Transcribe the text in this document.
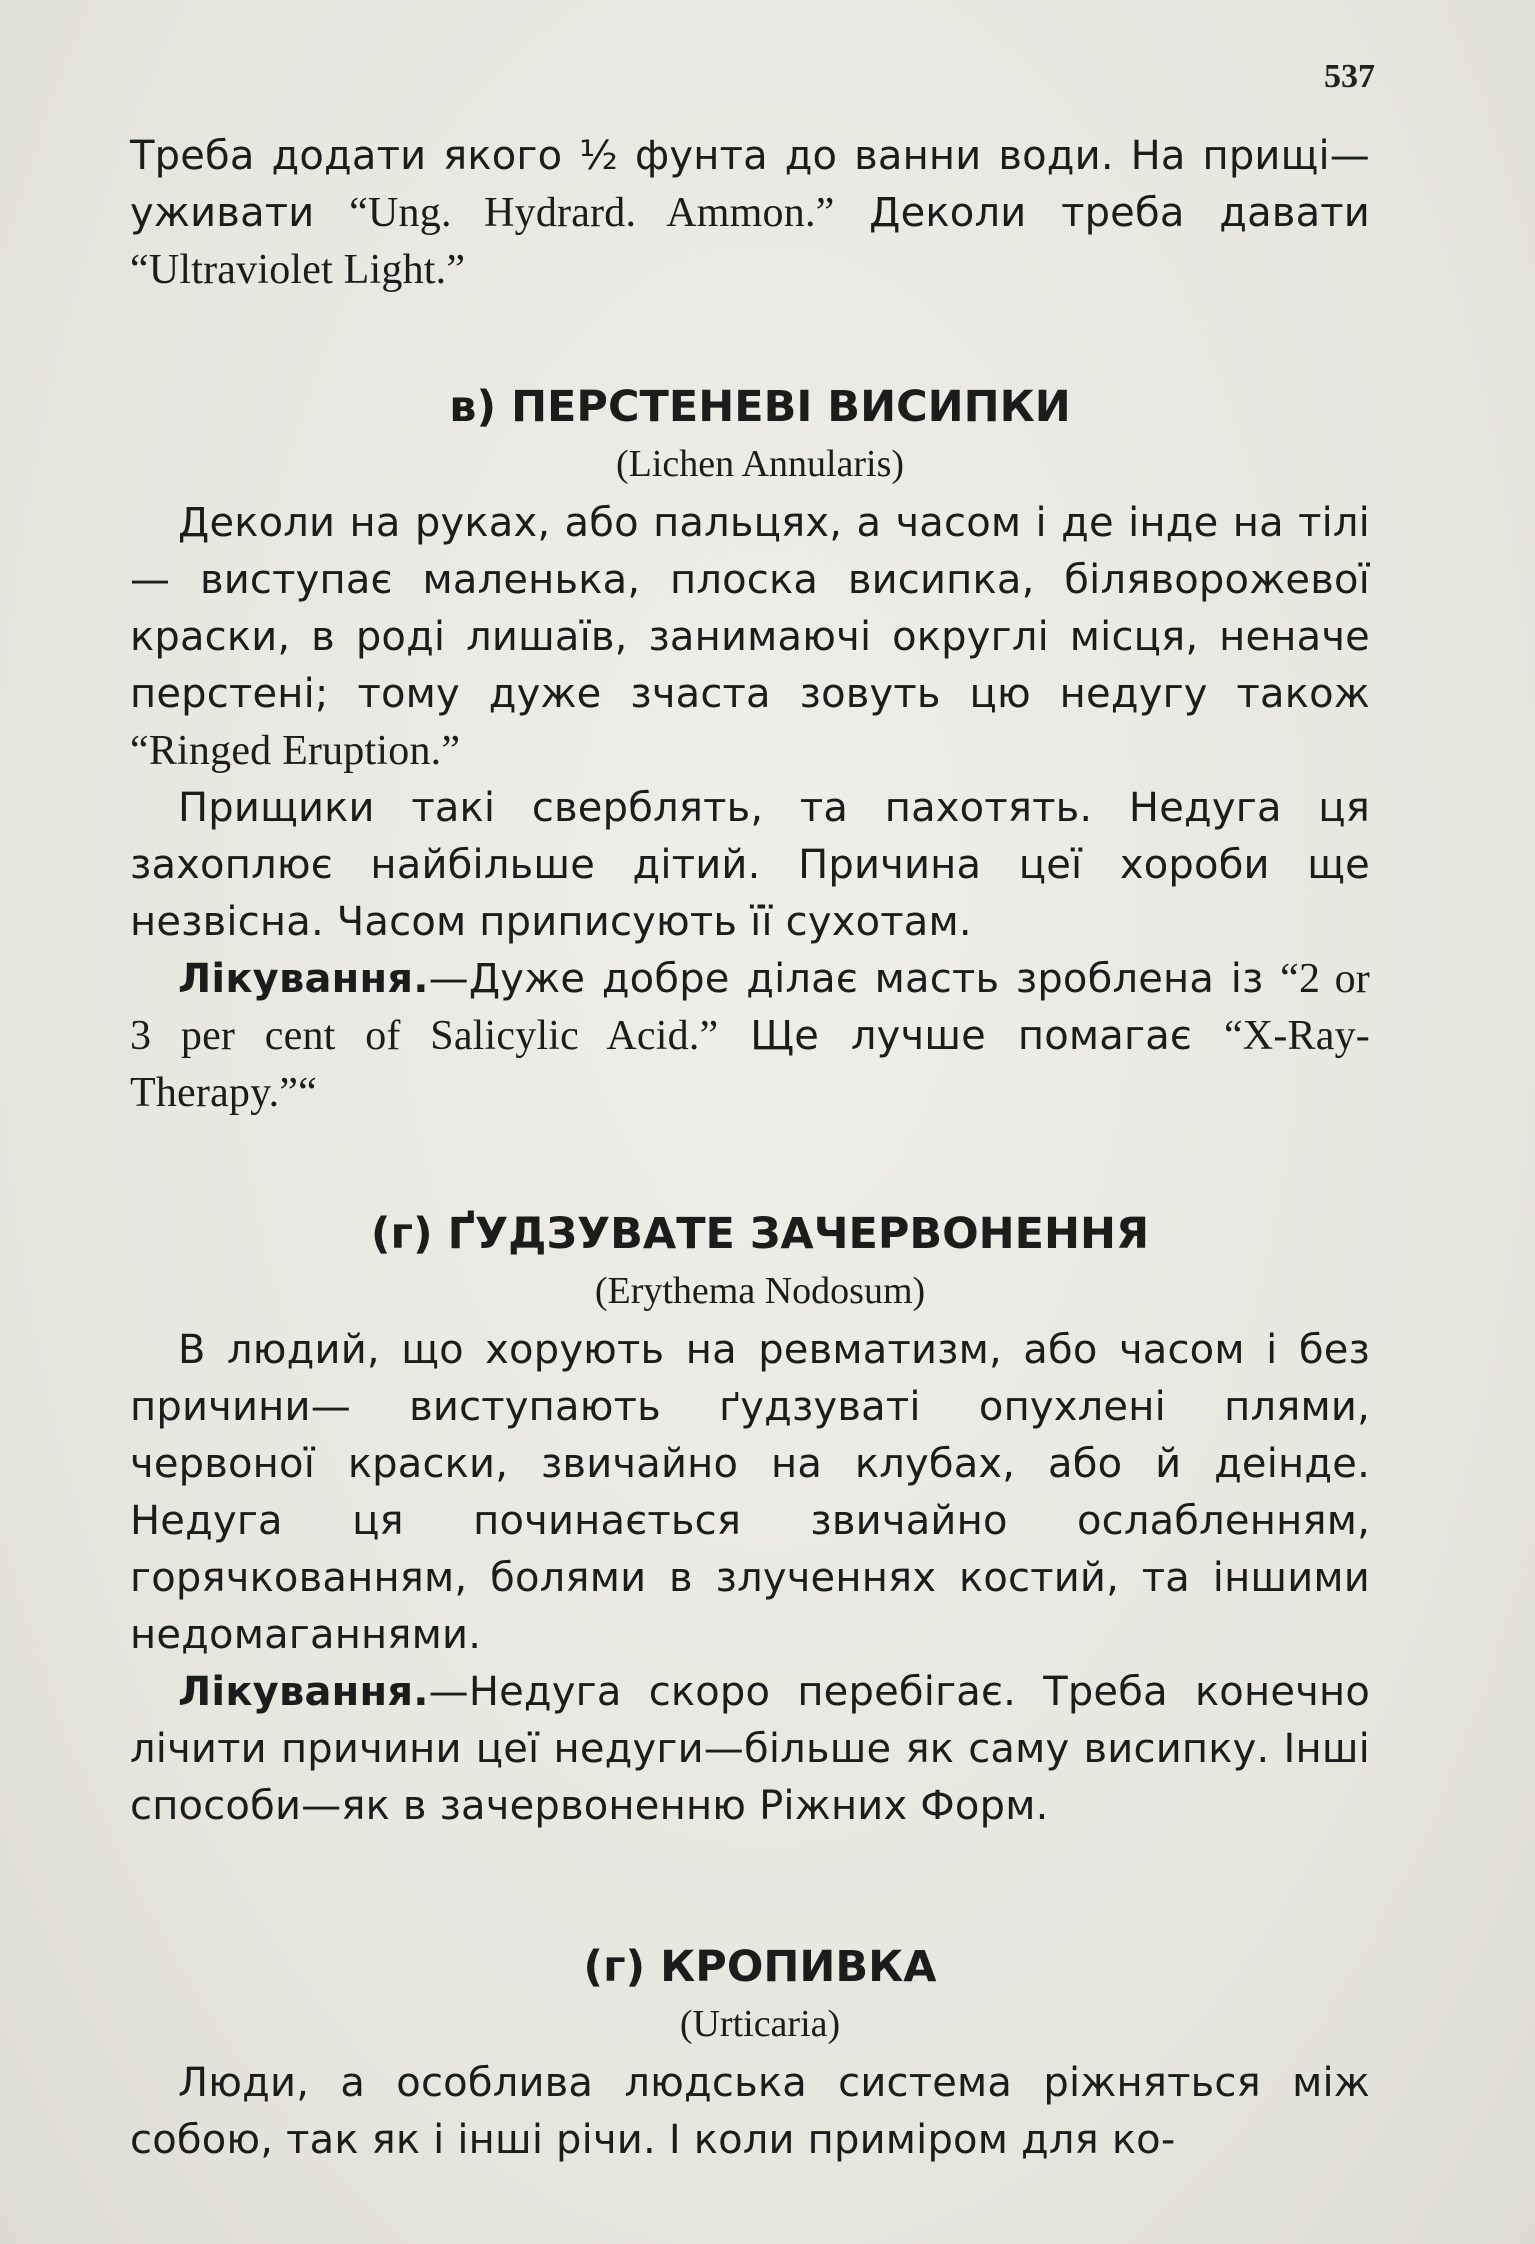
537

Треба додати якого ½ фунта до ванни води. На прищі— уживати “Ung. Hydrard. Ammon.” Деколи треба давати “Ultraviolet Light.”

в) ПЕРСТЕНЕВІ ВИСИПКИ
(Lichen Annularis)

Деколи на руках, або пальцях, а часом і де інде на тілі— виступає маленька, плоска висипка, біляворожевої краски, в роді лишаїв, занимаючі округлі місця, неначе перстені; тому дуже зчаста зовуть цю недугу також “Ringed Eruption.”

Прищики такі сверблять, та пахотять. Недуга ця захоплює найбільше дітий. Причина цеї хороби ще незвісна. Часом приписують її сухотам.

Лікування.—Дуже добре ділає масть зроблена із “2 or 3 per cent of Salicylic Acid.” Ще лучше помагає “X-Ray-Therapy.”“

(г) ҐУДЗУВАТЕ ЗАЧЕРВОНЕННЯ
(Erythema Nodosum)

В людий, що хорують на ревматизм, або часом і без причини— виступають ґудзуваті опухлені плями, червоної краски, звичайно на клубах, або й деінде. Недуга ця починається звичайно ослабленням, горячкованням, болями в злученнях костий, та іншими недомаганнями.

Лікування.—Недуга скоро перебігає. Треба конечно лічити причини цеї недуги—більше як саму висипку. Інші способи—як в зачервоненню Ріжних Форм.

(г) КРОПИВКА
(Urticaria)

Люди, а особлива людська система ріжняться між собою, так як і інші річи. І коли приміром для ко-
